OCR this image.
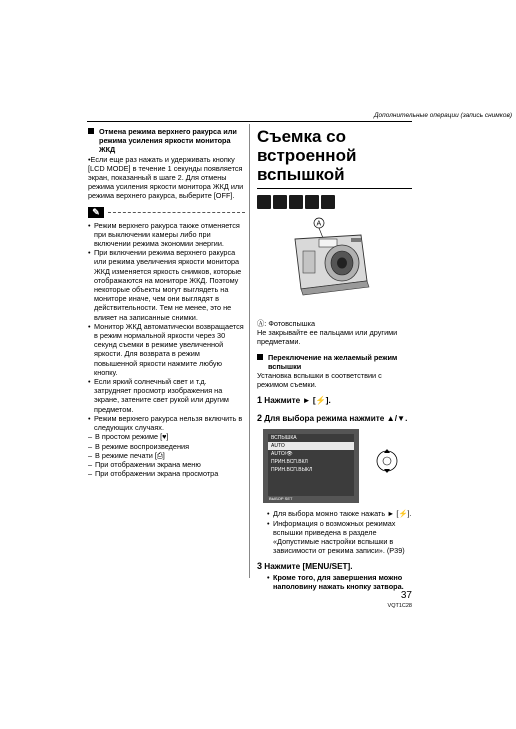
Дополнительные операции (запись снимков)
Отмена режима верхнего ракурса или режима усиления яркости монитора ЖКД
•Если еще раз нажать и удерживать кнопку [LCD MODE] в течение 1 секунды появляется экран, показанный в шаге 2. Для отмены режима усиления яркости монитора ЖКД или режима верхнего ракурса, выберите [OFF].
✎
• Режим верхнего ракурса также отменяется при выключении камеры либо при включении режима экономии энергии.
• При включении режима верхнего ракурса или режима увеличения яркости монитора ЖКД изменяется яркость снимков, которые отображаются на мониторе ЖКД. Поэтому некоторые объекты могут выглядеть на мониторе иначе, чем они выглядят в действительности. Тем не менее, это не влияет на записанные снимки.
• Монитор ЖКД автоматически возвращается в режим нормальной яркости через 30 секунд съемки в режиме увеличенной яркости. Для возврата в режим повышенной яркости нажмите любую кнопку.
• Если яркий солнечный свет и т.д. затрудняет просмотр изображения на экране, затените свет рукой или другим предметом.
• Режим верхнего ракурса нельзя включить в следующих случаях.
– В простом режиме [♥]
– В режиме воспроизведения
– В режиме печати [⎙]
– При отображении экрана меню
– При отображении экрана просмотра
Съемка со встроенной вспышкой
A
Ⓐ: Фотовспышка
Не закрывайте ее пальцами или другими предметами.
Переключение на желаемый режим вспышки
Установка вспышки в соответствии с режимом съемки.
1 Нажмите ► [⚡].
2 Для выбора режима нажмите ▲/▼.
ВСПЫШКА
AUTO
AUTO/👁
ПРИН.ВСП.ВКЛ
ПРИН.ВСП.ВЫКЛ
ВЫБОР SET
• Для выбора можно также нажать ► [⚡].
• Информация о возможных режимах вспышки приведена в разделе «Допустимые настройки вспышки в зависимости от режима записи». (P39)
3 Нажмите [MENU/SET].
• Кроме того, для завершения можно наполовину нажать кнопку затвора.
37
VQT1C28
